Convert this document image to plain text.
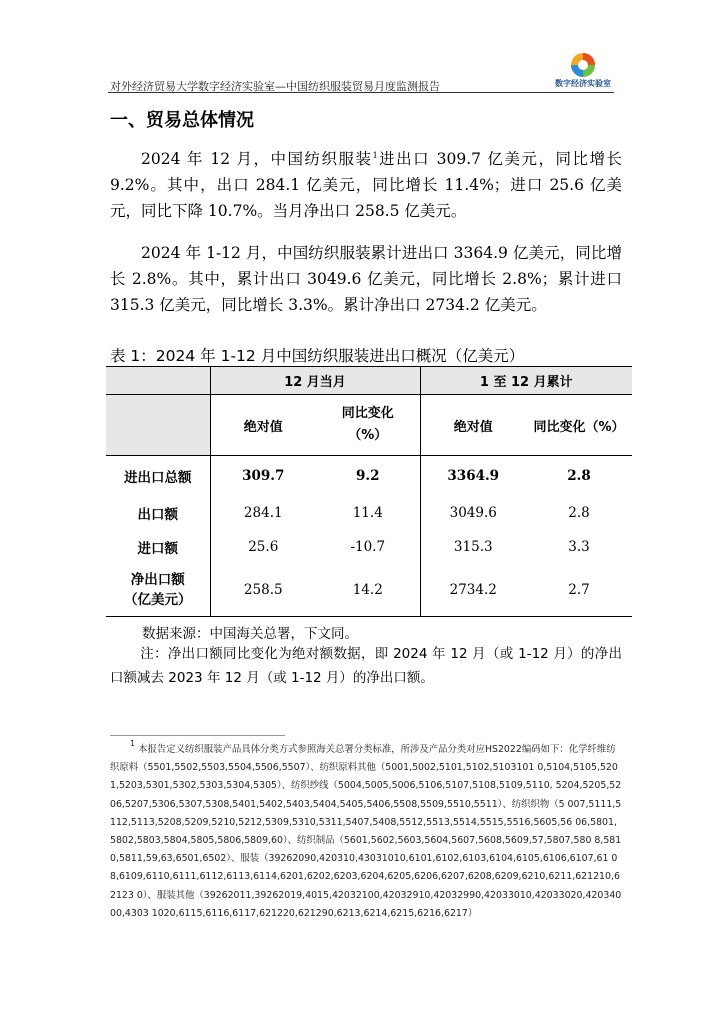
对外经济贸易大学数字经济实验室—中国纺织服装贸易月度监测报告	数字经济实验室
一、贸易总体情况

2024 年 12 月，中国纺织服装$^1$进出口 309.7 亿美元，同比增长 9.2%。其中，出口 284.1 亿美元，同比增长 11.4%；进口 25.6 亿美元，同比下降 10.7%。当月净出口 258.5 亿美元。

2024 年 1-12 月，中国纺织服装累计进出口 3364.9 亿美元，同比增长 2.8%。其中，累计出口 3049.6 亿美元，同比增长 2.8%；累计进口 315.3 亿美元，同比增长 3.3%。累计净出口 2734.2 亿美元。

表 1：2024 年 1-12 月中国纺织服装进出口概况（亿美元）
	12 月当月		1 至 12 月累计	
	绝对值	同比变化（%）	绝对值	同比变化（%）
进出口总额	309.7	9.2	3364.9	2.8
出口额	284.1	11.4	3049.6	2.8
进口额	25.6	-10.7	315.3	3.3
净出口额
（亿美元）	258.5	14.2	2734.2	2.7
数据来源：中国海关总署，下文同。

注：净出口额同比变化为绝对额数据，即 2024 年 12 月（或 1-12 月）的净出口额减去 2023 年 12 月（或 1-12 月）的净出口额。

$^1$ 本报告定义纺织服装产品具体分类方式参照海关总署分类标准，所涉及产品分类对应HS2022编码如下：化学纤维纺织原料（5501,5502,5503,5504,5506,5507）、纺织原料其他（5001,5002,5101,5102,5103101 0,5104,5105,5201,5203,5301,5302,5303,5304,5305）、纺织纱线（5004,5005,5006,5106,5107,5108,5109,5110, 5204,5205,5206,5207,5306,5307,5308,5401,5402,5403,5404,5405,5406,5508,5509,5510,5511）、纺织织物（5 007,5111,5112,5113,5208,5209,5210,5212,5309,5310,5311,5407,5408,5512,5513,5514,5515,5516,5605,56 06,5801,5802,5803,5804,5805,5806,5809,60）、纺织制品（5601,5602,5603,5604,5607,5608,5609,57,5807,580 8,5810,5811,59,63,6501,6502）、服装（39262090,420310,43031010,6101,6102,6103,6104,6105,6106,6107,61 08,6109,6110,6111,6112,6113,6114,6201,6202,6203,6204,6205,6206,6207,6208,6209,6210,6211,621210,62123 0）、服装其他（39262011,39262019,4015,42032100,42032910,42032990,42033010,42033020,42034000,4303 1020,6115,6116,6117,621220,621290,6213,6214,6215,6216,6217）
